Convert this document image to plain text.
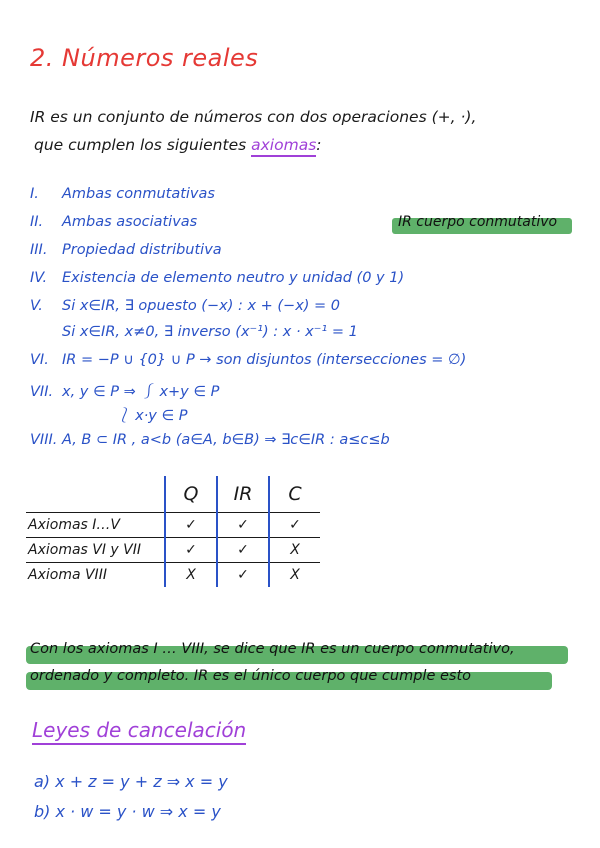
2. Números reales
IR es un conjunto de números con dos operaciones (+, ·),
que cumplen los siguientes axiomas:
IR cuerpo conmutativo
I. Ambas conmutativas
II. Ambas asociativas
III. Propiedad distributiva
IV. Existencia de elemento neutro y unidad (0 y 1)
V. Si x∈IR, ∃ opuesto (−x) : x + (−x) = 0
Si x∈IR, x≠0, ∃ inverso (x⁻¹) : x · x⁻¹ = 1
VI. IR = −P ∪ {0} ∪ P → son disjuntos (intersecciones = ∅)
VII. x, y ∈ P ⇒ ⎰ x+y ∈ P
⎱ x·y ∈ P
VIII. A, B ⊂ IR , a<b (a∈A, b∈B) ⇒ ∃c∈IR : a≤c≤b
	Q	IR	C
Axiomas I…V	✓	✓	✓
Axiomas VI y VII	✓	✓	X
Axioma VIII	X	✓	X
Con los axiomas I … VIII, se dice que IR es un cuerpo conmutativo,
ordenado y completo. IR es el único cuerpo que cumple esto
Leyes de cancelación
a) x + z = y + z ⇒ x = y
b) x · w = y · w ⇒ x = y
